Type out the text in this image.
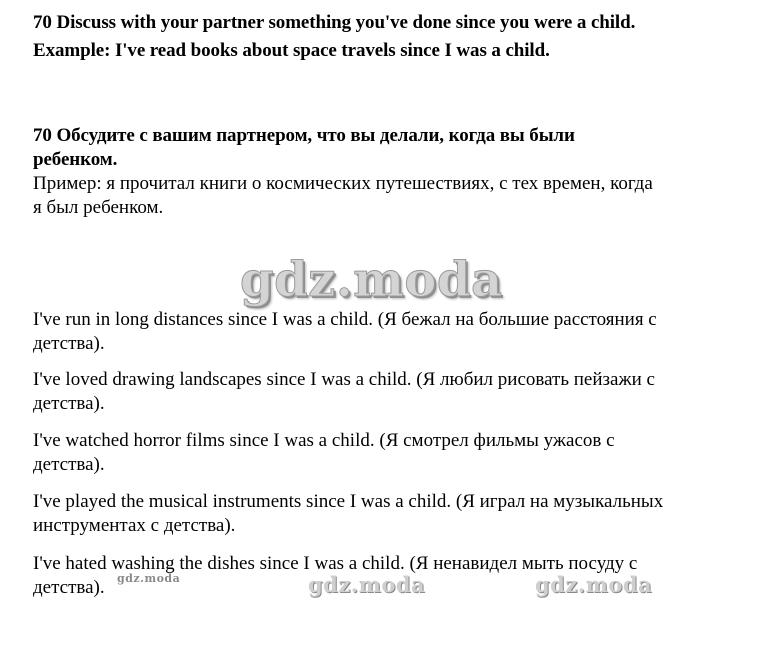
70 Discuss with your partner something you've done since you were a child.

Example: I've read books about space travels since I was a child.

70 Обсудите с вашим партнером, что вы делали, когда вы были

ребенком.

Пример: я прочитал книги о космических путешествиях, с тех времен, когда

я был ребенком.

gdz.moda

I've run in long distances since I was a child. (Я бежал на большие расстояния с

детства).

I've loved drawing landscapes since I was a child. (Я любил рисовать пейзажи с

детства).

I've watched horror films since I was a child. (Я смотрел фильмы ужасов с

детства).

I've played the musical instruments since I was a child. (Я играл на музыкальных

инструментах с детства).

I've hated washing the dishes since I was a child. (Я ненавидел мыть посуду с

детства). gdz.moda	gdz.moda	gdz.moda
